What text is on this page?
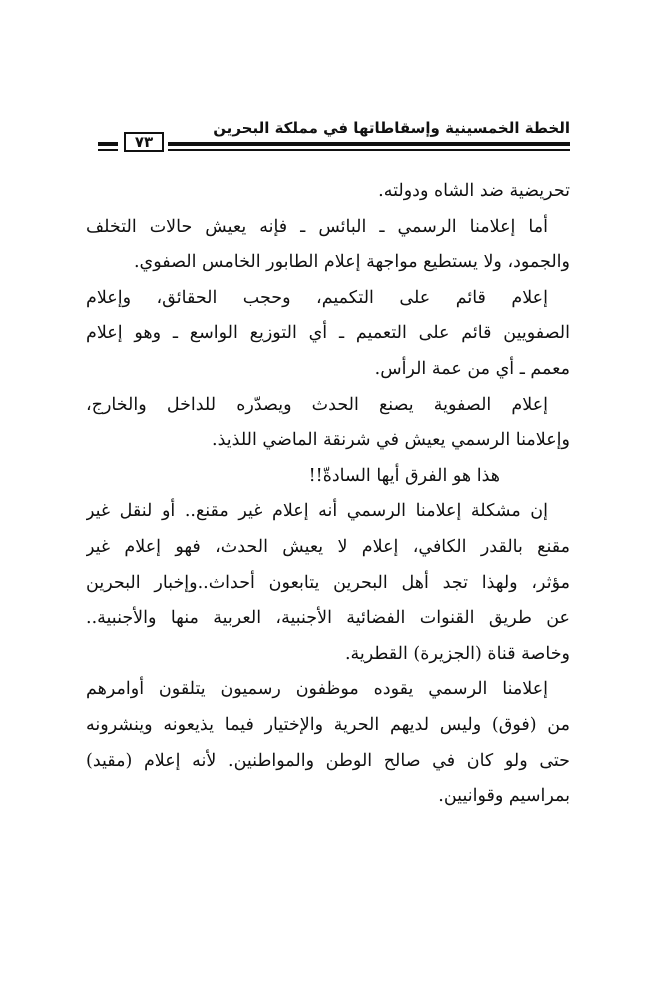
الخطة الخمسينية وإسقاطاتها في مملكة البحرين
٧٣
تحريضية ضد الشاه ودولته.
أما إعلامنا الرسمي ـ البائس ـ فإنه يعيش حالات التخلف
والجمود، ولا يستطيع مواجهة إعلام الطابور الخامس الصفوي.
إعلام قائم على التكميم، وحجب الحقائق، وإعلام
الصفويين قائم على التعميم ـ أي التوزيع الواسع ـ وهو إعلام
معمم ـ أي من عمة الرأس.
إعلام الصفوية يصنع الحدث ويصدّره للداخل والخارج،
وإعلامنا الرسمي يعيش في شرنقة الماضي اللذيذ.
هذا هو الفرق أيها السادةّ!!
إن مشكلة إعلامنا الرسمي أنه إعلام غير مقنع.. أو لنقل غير
مقنع بالقدر الكافي، إعلام لا يعيش الحدث، فهو إعلام غير
مؤثر، ولهذا تجد أهل البحرين يتابعون أحداث..وإخبار البحرين
عن طريق القنوات الفضائية الأجنبية، العربية منها والأجنبية..
وخاصة قناة (الجزيرة) القطرية.
إعلامنا الرسمي يقوده موظفون رسميون يتلقون أوامرهم
من (فوق) وليس لديهم الحرية والإختيار فيما يذيعونه وينشرونه
حتى ولو كان في صالح الوطن والمواطنين. لأنه إعلام (مقيد)
بمراسيم وقوانيين.
